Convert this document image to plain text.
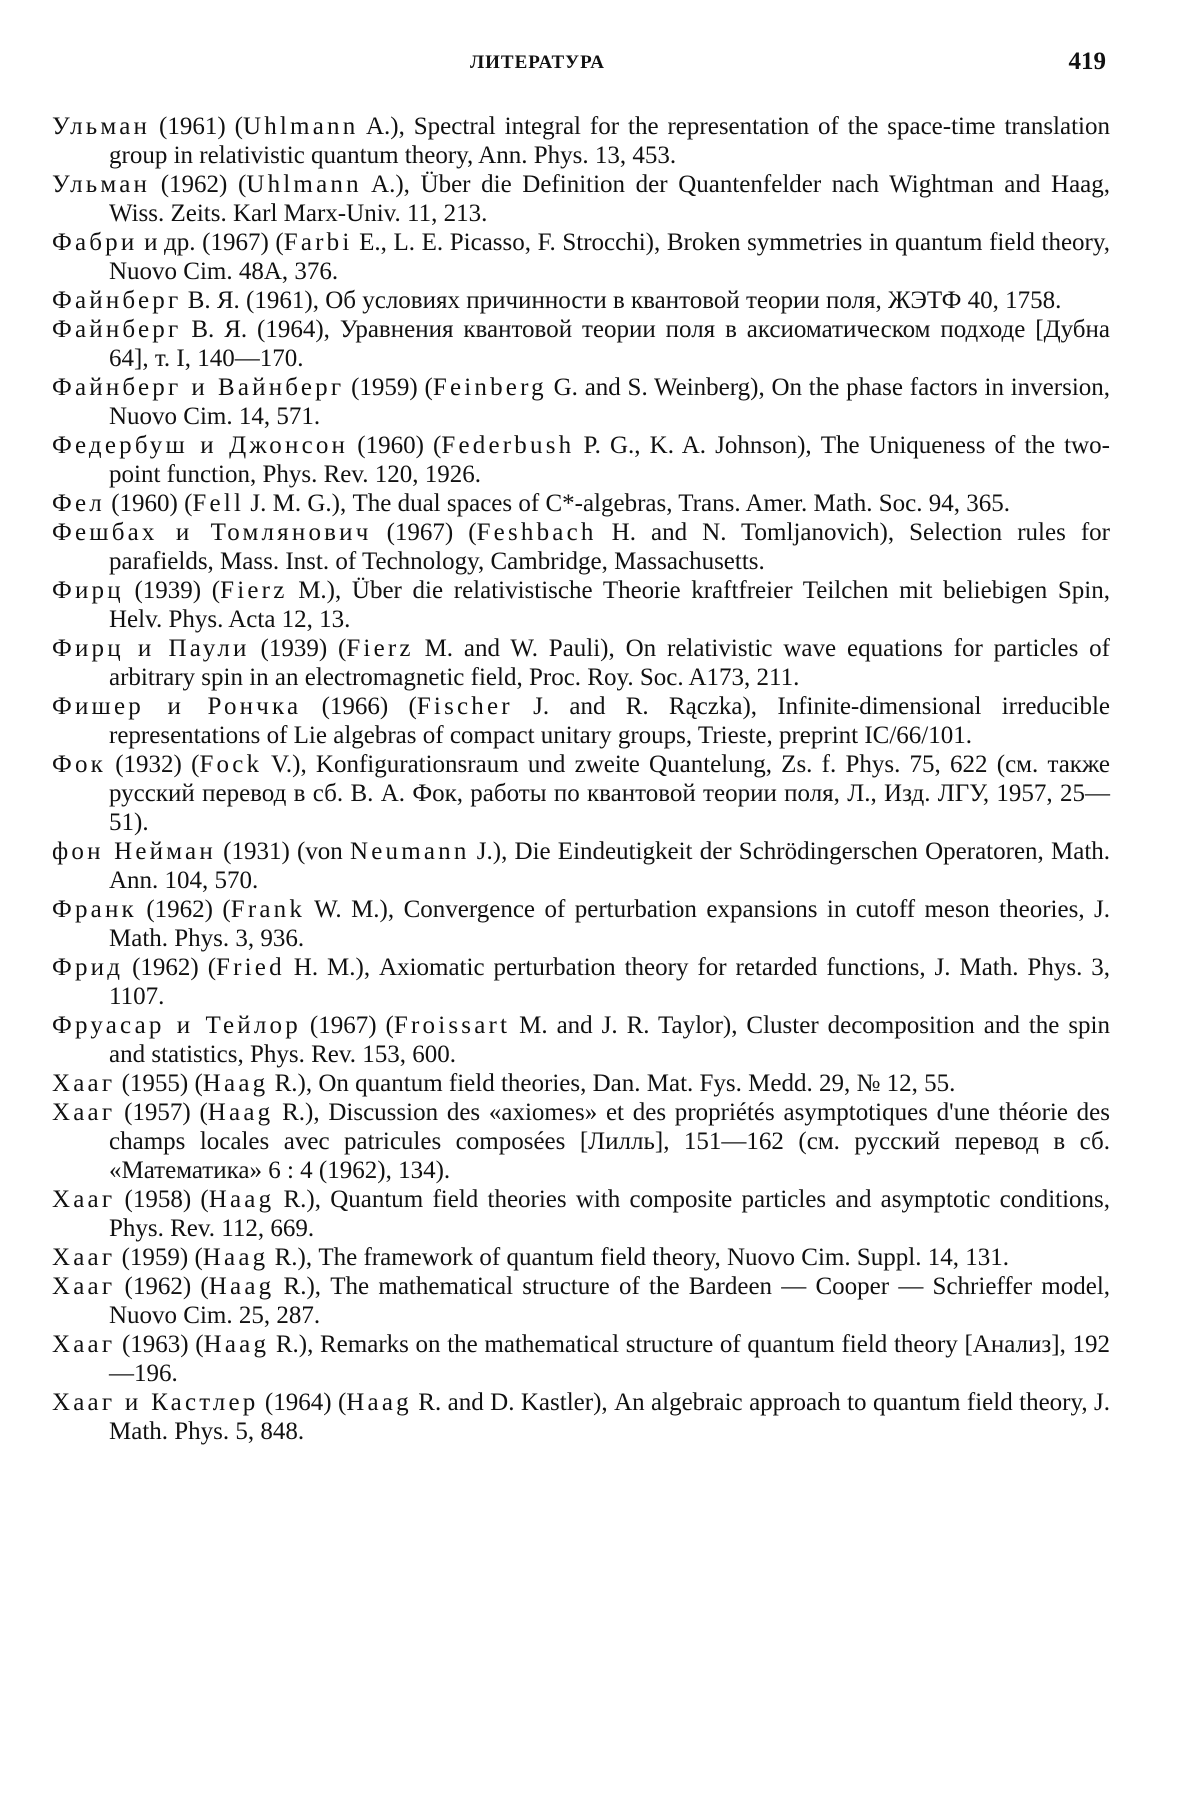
ЛИТЕРАТУРА	419
Ульман (1961) (Uhlmann A.), Spectral integral for the representation of the space-time translation group in relativistic quantum theory, Ann. Phys. 13, 453.
Ульман (1962) (Uhlmann A.), Über die Definition der Quantenfelder nach Wightman and Haag, Wiss. Zeits. Karl Marx-Univ. 11, 213.
Фабри и др. (1967) (Farbi E., L. E. Picasso, F. Strocchi), Broken symmetries in quantum field theory, Nuovo Cim. 48A, 376.
Файнберг В. Я. (1961), Об условиях причинности в квантовой теории поля, ЖЭТФ 40, 1758.
Файнберг В. Я. (1964), Уравнения квантовой теории поля в аксиоматическом подходе [Дубна 64], т. I, 140—170.
Файнберг и Вайнберг (1959) (Feinberg G. and S. Weinberg), On the phase factors in inversion, Nuovo Cim. 14, 571.
Федербуш и Джонсон (1960) (Federbush P. G., K. A. Johnson), The Uniqueness of the two-point function, Phys. Rev. 120, 1926.
Фел (1960) (Fell J. M. G.), The dual spaces of C*-algebras, Trans. Amer. Math. Soc. 94, 365.
Фешбах и Томлянович (1967) (Feshbach H. and N. Tomljanovich), Selection rules for parafields, Mass. Inst. of Technology, Cambridge, Massachusetts.
Фирц (1939) (Fierz M.), Über die relativistische Theorie kraftfreier Teilchen mit beliebigen Spin, Helv. Phys. Acta 12, 13.
Фирц и Паули (1939) (Fierz M. and W. Pauli), On relativistic wave equations for particles of arbitrary spin in an electromagnetic field, Proc. Roy. Soc. A173, 211.
Фишер и Рончка (1966) (Fischer J. and R. Rączka), Infinite-dimensional irreducible representations of Lie algebras of compact unitary groups, Trieste, preprint IC/66/101.
Фок (1932) (Fock V.), Konfigurationsraum und zweite Quantelung, Zs. f. Phys. 75, 622 (см. также русский перевод в сб. В. А. Фок, работы по квантовой теории поля, Л., Изд. ЛГУ, 1957, 25—51).
фон Нейман (1931) (von Neumann J.), Die Eindeutigkeit der Schrödingerschen Operatoren, Math. Ann. 104, 570.
Франк (1962) (Frank W. M.), Convergence of perturbation expansions in cutoff meson theories, J. Math. Phys. 3, 936.
Фрид (1962) (Fried H. M.), Axiomatic perturbation theory for retarded functions, J. Math. Phys. 3, 1107.
Фруасар и Тейлор (1967) (Froissart M. and J. R. Taylor), Cluster decomposition and the spin and statistics, Phys. Rev. 153, 600.
Хааг (1955) (Haag R.), On quantum field theories, Dan. Mat. Fys. Medd. 29, № 12, 55.
Хааг (1957) (Haag R.), Discussion des «axiomes» et des propriétés asymptotiques d'une théorie des champs locales avec patricules composées [Лилль], 151—162 (см. русский перевод в сб. «Математика» 6 : 4 (1962), 134).
Хааг (1958) (Haag R.), Quantum field theories with composite particles and asymptotic conditions, Phys. Rev. 112, 669.
Хааг (1959) (Haag R.), The framework of quantum field theory, Nuovo Cim. Suppl. 14, 131.
Хааг (1962) (Haag R.), The mathematical structure of the Bardeen — Cooper — Schrieffer model, Nuovo Cim. 25, 287.
Хааг (1963) (Haag R.), Remarks on the mathematical structure of quantum field theory [Анализ], 192—196.
Хааг и Кастлер (1964) (Haag R. and D. Kastler), An algebraic approach to quantum field theory, J. Math. Phys. 5, 848.
